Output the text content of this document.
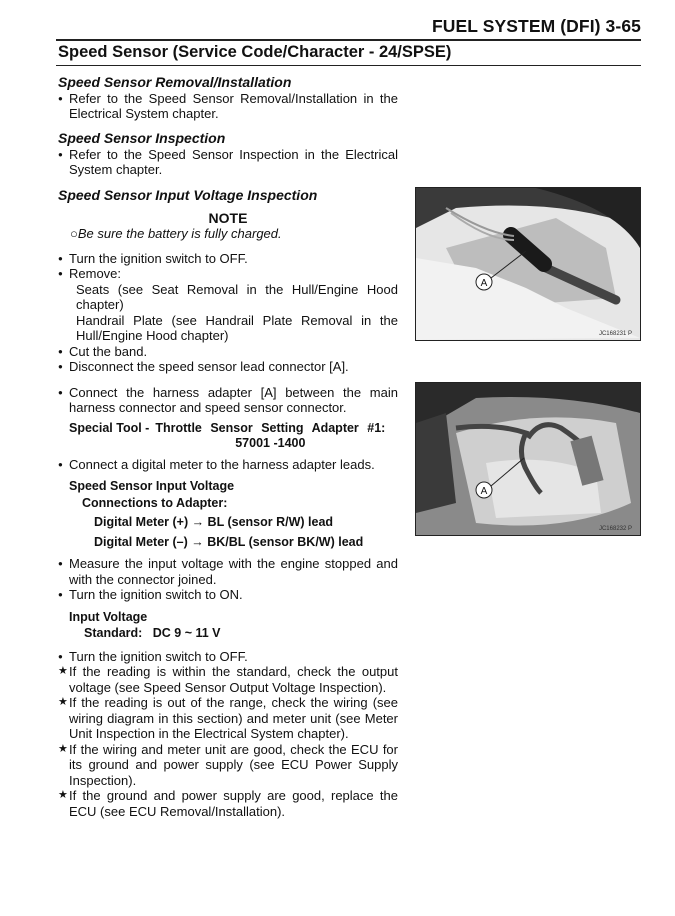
FUEL SYSTEM (DFI) 3-65
Speed Sensor (Service Code/Character - 24/SPSE)
Speed Sensor Removal/Installation
● Refer to the Speed Sensor Removal/Installation in the Electrical System chapter.
Speed Sensor Inspection
● Refer to the Speed Sensor Inspection in the Electrical System chapter.
Speed Sensor Input Voltage Inspection
NOTE
○Be sure the battery is fully charged.
● Turn the ignition switch to OFF.
● Remove:
Seats (see Seat Removal in the Hull/Engine Hood chapter)
Handrail Plate (see Handrail Plate Removal in the Hull/Engine Hood chapter)
● Cut the band.
● Disconnect the speed sensor lead connector [A].
● Connect the harness adapter [A] between the main harness connector and speed sensor connector.
Special Tool - Throttle Sensor Setting Adapter #1: 57001 -1400
● Connect a digital meter to the harness adapter leads.
Speed Sensor Input Voltage
Connections to Adapter:
Digital Meter (+) → BL (sensor R/W) lead
Digital Meter (–) → BK/BL (sensor BK/W) lead
● Measure the input voltage with the engine stopped and with the connector joined.
● Turn the ignition switch to ON.
Input Voltage
Standard: DC 9 ~ 11 V
● Turn the ignition switch to OFF.
★ If the reading is within the standard, check the output voltage (see Speed Sensor Output Voltage Inspection).
★ If the reading is out of the range, check the wiring (see wiring diagram in this section) and meter unit (see Meter Unit Inspection in the Electrical System chapter).
★ If the wiring and meter unit are good, check the ECU for its ground and power supply (see ECU Power Supply Inspection).
★ If the ground and power supply are good, replace the ECU (see ECU Removal/Installation).
A
JC168231 P
A
JC168232 P
